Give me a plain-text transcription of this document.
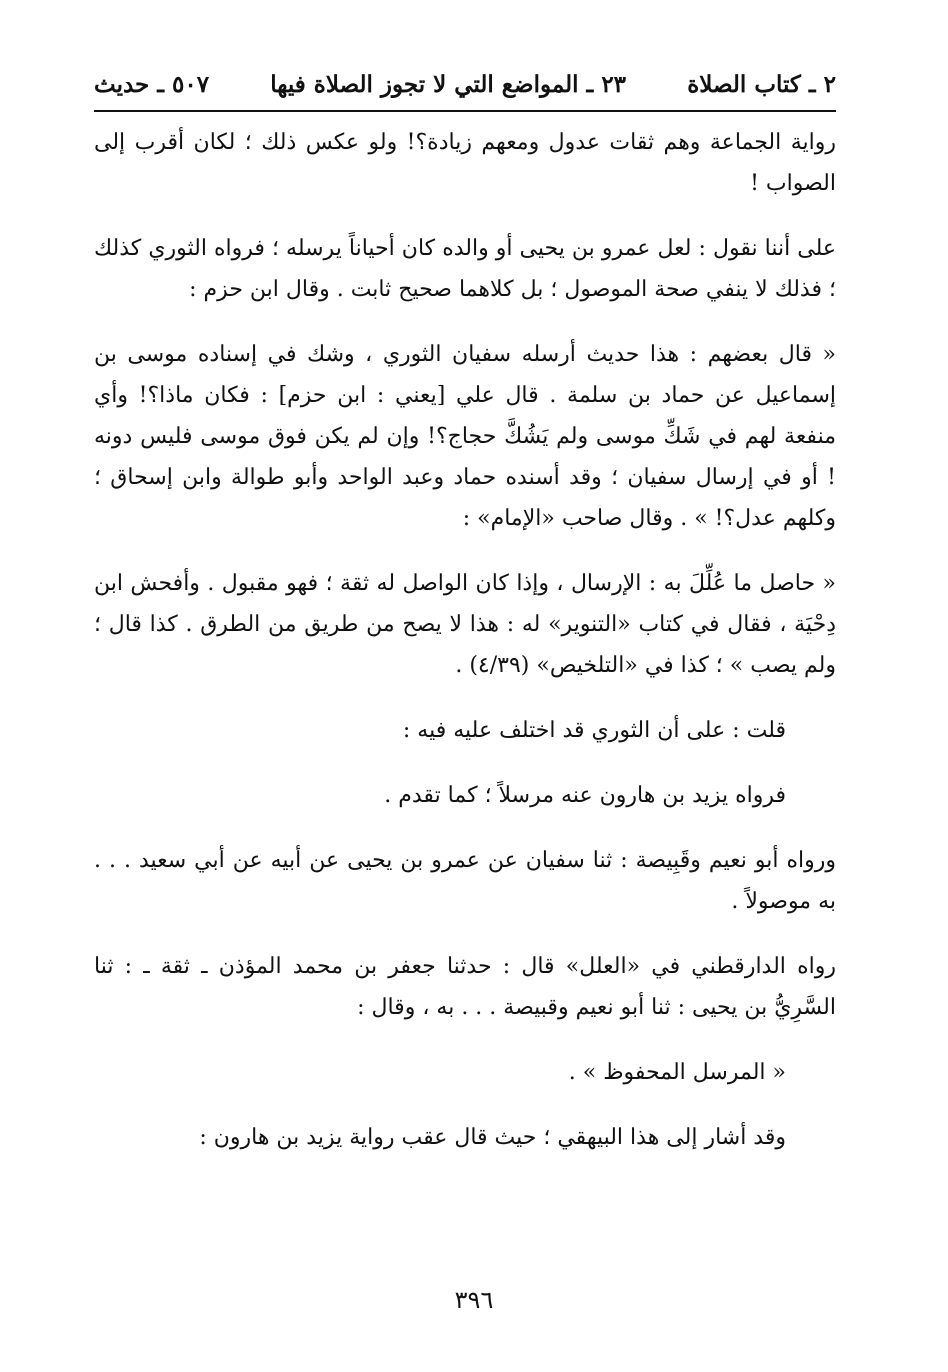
٢ ـ كتاب الصلاة
٢٣ ـ المواضع التي لا تجوز الصلاة فيها
٥٠٧ ـ حديث

رواية الجماعة وهم ثقات عدول ومعهم زيادة؟! ولو عكس ذلك ؛ لكان أقرب إلى الصواب !

على أننا نقول : لعل عمرو بن يحيى أو والده كان أحياناً يرسله ؛ فرواه الثوري كذلك ؛ فذلك لا ينفي صحة الموصول ؛ بل كلاهما صحيح ثابت . وقال ابن حزم :

« قال بعضهم : هذا حديث أرسله سفيان الثوري ، وشك في إسناده موسى بن إسماعيل عن حماد بن سلمة . قال علي [يعني : ابن حزم] : فكان ماذا؟! وأي منفعة لهم في شَكِّ موسى ولم يَشُكَّ حجاج؟! وإن لم يكن فوق موسى فليس دونه ! أو في إرسال سفيان ؛ وقد أسنده حماد وعبد الواحد وأبو طوالة وابن إسحاق ؛ وكلهم عدل؟! » . وقال صاحب «الإمام» :

« حاصل ما عُلِّلَ به : الإرسال ، وإذا كان الواصل له ثقة ؛ فهو مقبول . وأفحش ابن دِحْيَة ، فقال في كتاب «التنوير» له : هذا لا يصح من طريق من الطرق . كذا قال ؛ ولم يصب » ؛ كذا في «التلخيص» (٤/٣٩) .

قلت : على أن الثوري قد اختلف عليه فيه :

فرواه يزيد بن هارون عنه مرسلاً ؛ كما تقدم .

ورواه أبو نعيم وقَبِيصة : ثنا سفيان عن عمرو بن يحيى عن أبيه عن أبي سعيد . . . به موصولاً .

رواه الدارقطني في «العلل» قال : حدثنا جعفر بن محمد المؤذن ـ ثقة ـ : ثنا السَّرِيُّ بن يحيى : ثنا أبو نعيم وقبيصة . . . به ، وقال :

« المرسل المحفوظ » .

وقد أشار إلى هذا البيهقي ؛ حيث قال عقب رواية يزيد بن هارون :

٣٩٦
